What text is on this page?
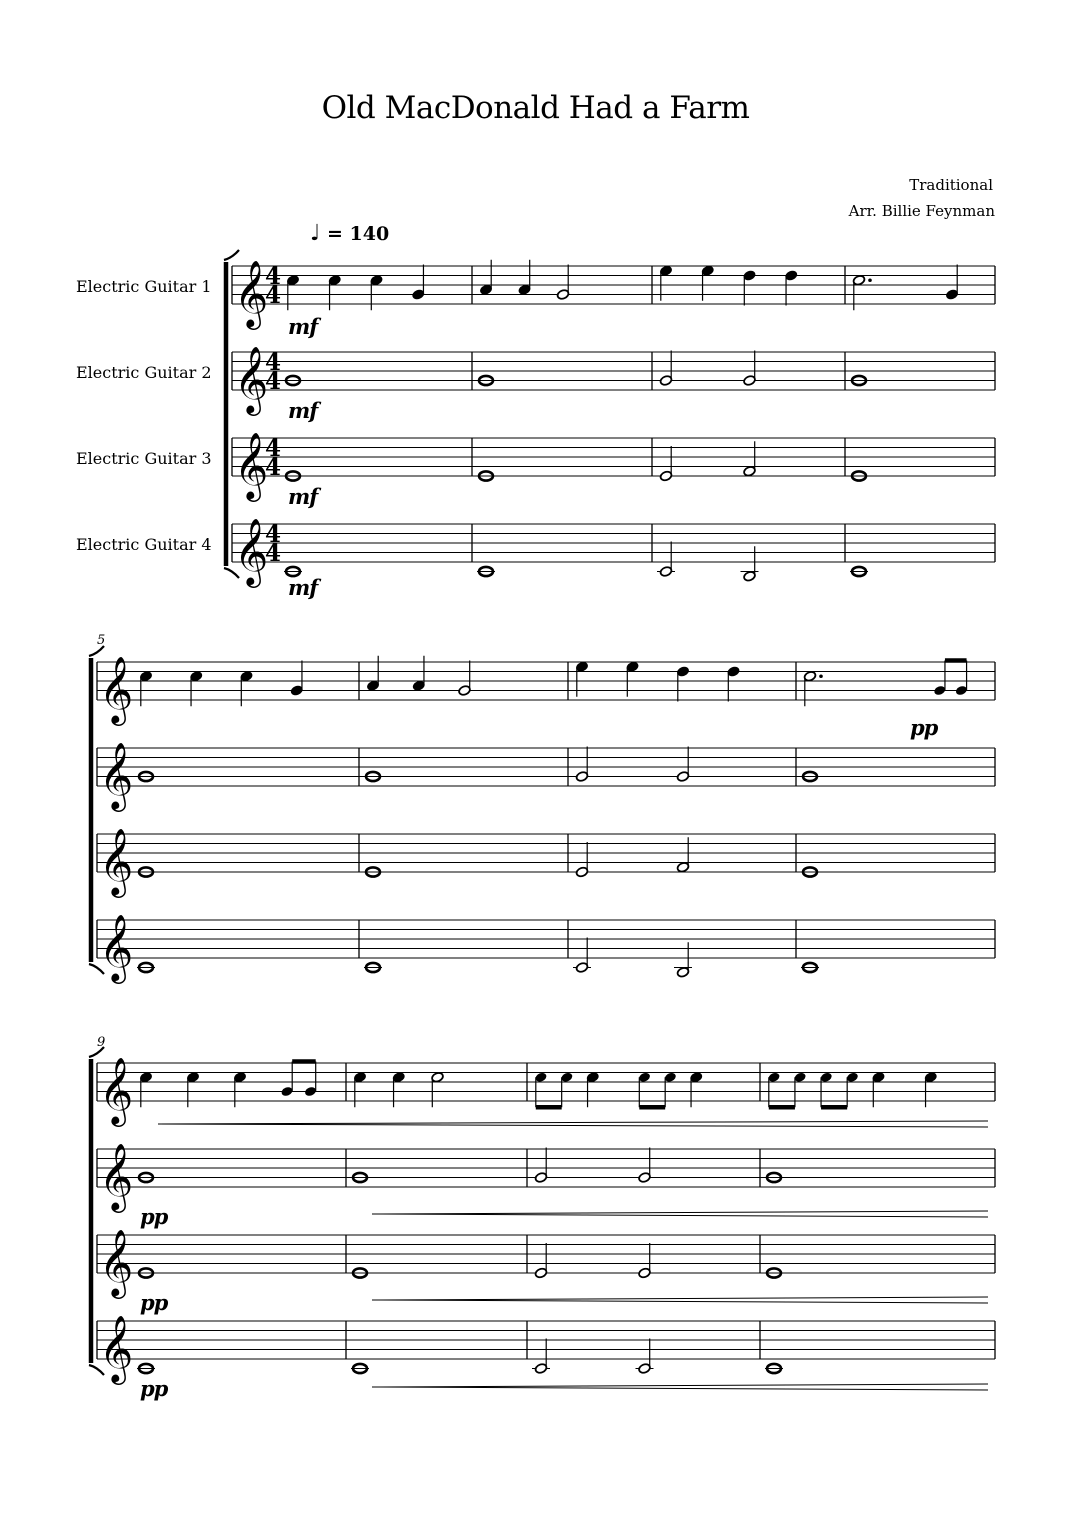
Old MacDonald Had a Farm
Traditional
Arr. Billie Feynman
♩ = 140
Electric Guitar 1
Electric Guitar 2
Electric Guitar 3
Electric Guitar 4
5
9
mf
mf
mf
mf
pp
pp
pp
pp
𝄞
4
4
𝄞
4
4
𝄞
4
4
𝄞
4
4
𝄞
𝄞
𝄞
𝄞
𝄞
𝄞
𝄞
𝄞
